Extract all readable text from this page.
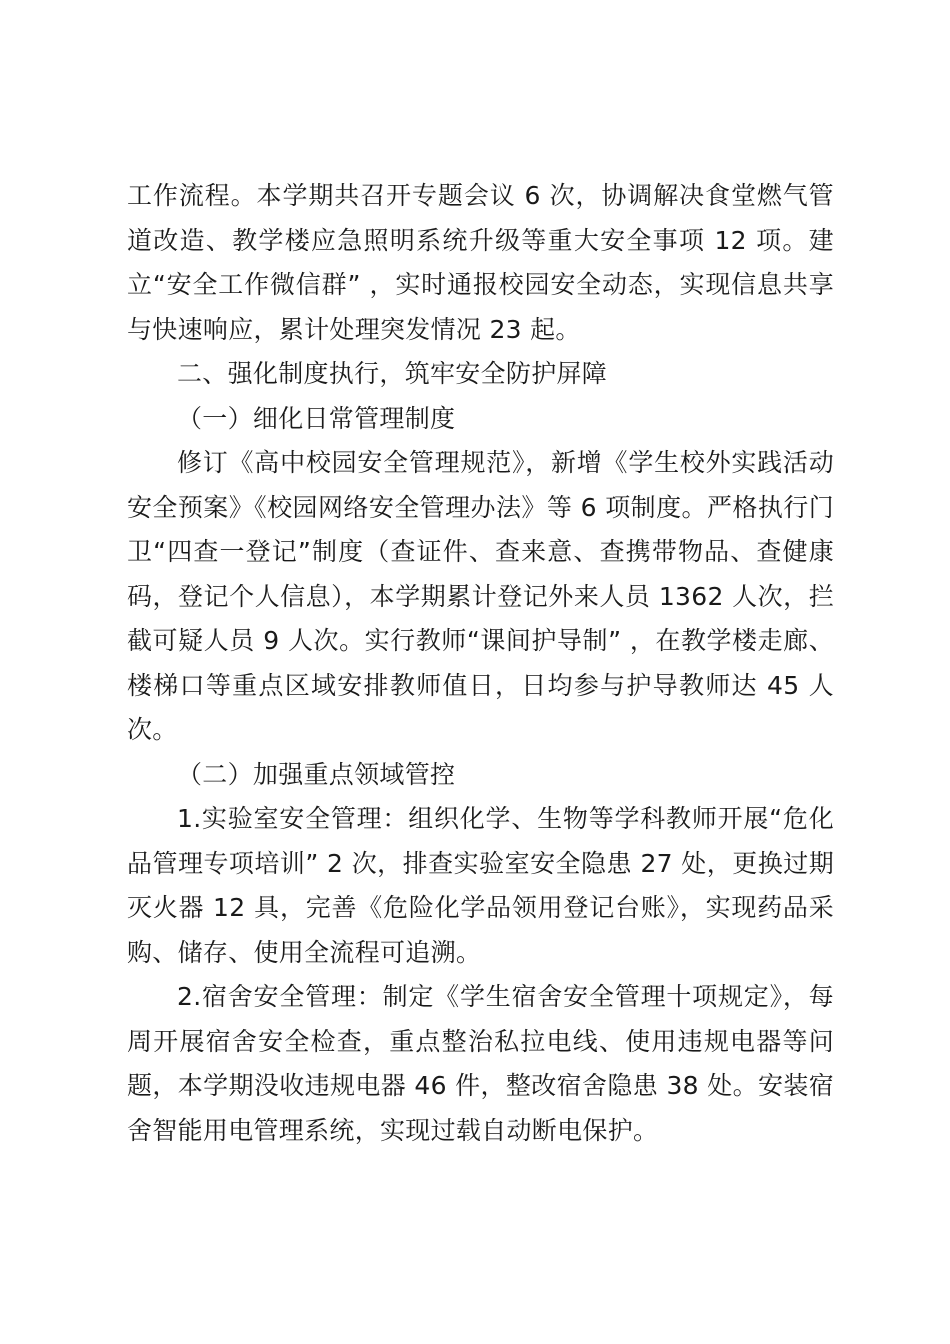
工作流程。本学期共召开专题会议 6 次，协调解决食堂燃气管道改造、教学楼应急照明系统升级等重大安全事项 12 项。建立“安全工作微信群” ，实时通报校园安全动态，实现信息共享与快速响应，累计处理突发情况 23 起。

二、强化制度执行，筑牢安全防护屏障

（一）细化日常管理制度

修订《高中校园安全管理规范》，新增《学生校外实践活动安全预案》《校园网络安全管理办法》等 6 项制度。严格执行门卫“四查一登记”制度（查证件、查来意、查携带物品、查健康码，登记个人信息），本学期累计登记外来人员 1362 人次，拦截可疑人员 9 人次。实行教师“课间护导制” ，在教学楼走廊、楼梯口等重点区域安排教师值日，日均参与护导教师达 45 人次。

（二）加强重点领域管控

1.实验室安全管理：组织化学、生物等学科教师开展“危化品管理专项培训” 2 次，排查实验室安全隐患 27 处，更换过期灭火器 12 具，完善《危险化学品领用登记台账》，实现药品采购、储存、使用全流程可追溯。

2.宿舍安全管理：制定《学生宿舍安全管理十项规定》，每周开展宿舍安全检查，重点整治私拉电线、使用违规电器等问题，本学期没收违规电器 46 件，整改宿舍隐患 38 处。安装宿舍智能用电管理系统，实现过载自动断电保护。
